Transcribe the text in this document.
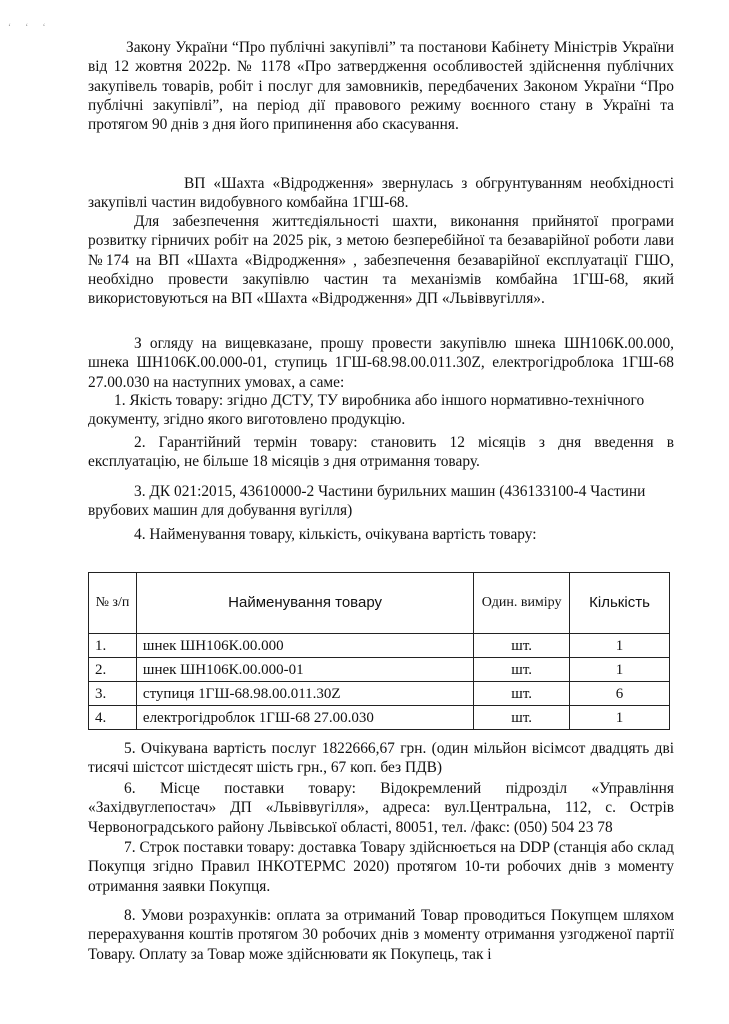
ʻ ʻ ʻ

Закону України “Про публічні закупівлі” та постанови Кабінету Міністрів України від 12 жовтня 2022р. № 1178 «Про затвердження особливостей здійснення публічних закупівель товарів, робіт і послуг для замовників, передбачених Законом України “Про публічні закупівлі”, на період дії правового режиму воєнного стану в Україні та протягом 90 днів з дня його припинення або скасування.

ВП «Шахта «Відродження» звернулась з обгрунтуванням необхідності закупівлі частин видобувного комбайна 1ГШ-68.

Для забезпечення життєдіяльності шахти, виконання прийнятої програми розвитку гірничих робіт на 2025 рік, з метою безперебійної та безаварійної роботи лави №174 на ВП «Шахта «Відродження» , забезпечення безаварійної експлуатації ГШО, необхідно провести закупівлю частин та механізмів комбайна 1ГШ-68, який використовуються на ВП «Шахта «Відродження» ДП «Львіввугілля».

З огляду на вищевказане, прошу провести закупівлю шнека ШН106К.00.000, шнека ШН106К.00.000-01, ступиць 1ГШ-68.98.00.011.30Z, електрогідроблока 1ГШ-68 27.00.030 на наступних умовах, а саме:

1. Якість товару: згідно ДСТУ, ТУ виробника або іншого нормативно-технічного документу, згідно якого виготовлено продукцію.

2. Гарантійний термін товару: становить 12 місяців з дня введення в експлуатацію, не більше 18 місяців з дня отримання товару.

3. ДК 021:2015, 43610000-2 Частини бурильних машин (436133100-4 Частини врубових машин для добування вугілля)

4. Найменування товару, кількість, очікувана вартість товару:

№ з/п	Найменування товару	Один. виміру	Кількість
1.	шнек ШН106К.00.000	шт.	1
2.	шнек ШН106К.00.000-01	шт.	1
3.	ступиця 1ГШ-68.98.00.011.30Z	шт.	6
4.	електрогідроблок 1ГШ-68 27.00.030	шт.	1

5. Очікувана вартість послуг 1822666,67 грн. (один мільйон вісімсот двадцять дві тисячі шістсот шістдесят шість грн., 67 коп. без ПДВ)

6. Місце поставки товару: Відокремлений підрозділ «Управління «Західвуглепостач» ДП «Львіввугілля», адреса: вул.Центральна, 112, с. Острів Червоноградського району Львівської області, 80051, тел. /факс: (050) 504 23 78

7. Строк поставки товару: доставка Товару здійснюється на DDP (станція або склад Покупця згідно Правил ІНКОТЕРМС 2020) протягом 10-ти робочих днів з моменту отримання заявки Покупця.

8. Умови розрахунків: оплата за отриманий Товар проводиться Покупцем шляхом перерахування коштів протягом 30 робочих днів з моменту отримання узгодженої партії Товару. Оплату за Товар може здійснювати як Покупець, так і
